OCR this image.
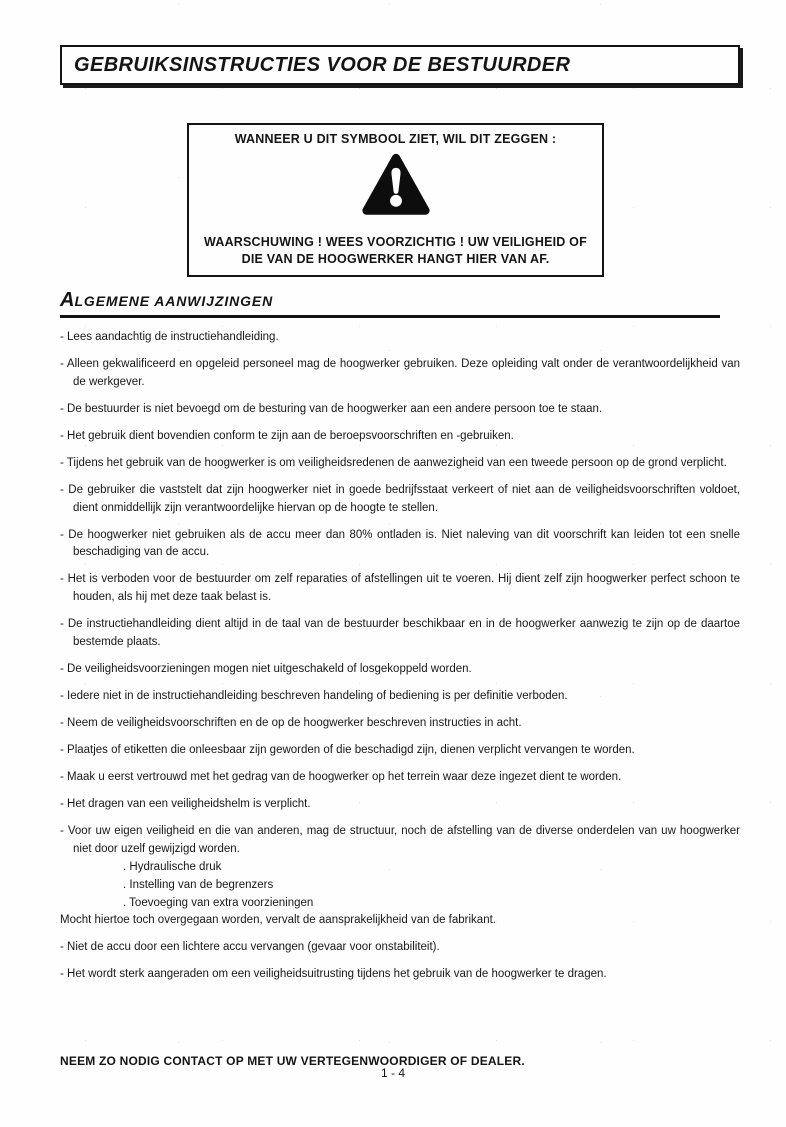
GEBRUIKSINSTRUCTIES VOOR DE BESTUURDER
WANNEER U DIT SYMBOOL ZIET, WIL DIT ZEGGEN :
WAARSCHUWING ! WEES VOORZICHTIG ! UW VEILIGHEID OF
DIE VAN DE HOOGWERKER HANGT HIER VAN AF.
ALGEMENE AANWIJZINGEN

- Lees aandachtig de instructiehandleiding.

- Alleen gekwalificeerd en opgeleid personeel mag de hoogwerker gebruiken. Deze opleiding valt onder de verantwoordelijkheid van de werkgever.

- De bestuurder is niet bevoegd om de besturing van de hoogwerker aan een andere persoon toe te staan.

- Het gebruik dient bovendien conform te zijn aan de beroepsvoorschriften en -gebruiken.

- Tijdens het gebruik van de hoogwerker is om veiligheidsredenen de aanwezigheid van een tweede persoon op de grond verplicht.

- De gebruiker die vaststelt dat zijn hoogwerker niet in goede bedrijfsstaat verkeert of niet aan de veiligheidsvoorschriften voldoet, dient onmiddellijk zijn verantwoordelijke hiervan op de hoogte te stellen.

- De hoogwerker niet gebruiken als de accu meer dan 80% ontladen is. Niet naleving van dit voorschrift kan leiden tot een snelle beschadiging van de accu.

- Het is verboden voor de bestuurder om zelf reparaties of afstellingen uit te voeren. Hij dient zelf zijn hoogwerker perfect schoon te houden, als hij met deze taak belast is.

- De instructiehandleiding dient altijd in de taal van de bestuurder beschikbaar en in de hoogwerker aanwezig te zijn op de daartoe bestemde plaats.

- De veiligheidsvoorzieningen mogen niet uitgeschakeld of losgekoppeld worden.

- Iedere niet in de instructiehandleiding beschreven handeling of bediening is per definitie verboden.

- Neem de veiligheidsvoorschriften en de op de hoogwerker beschreven instructies in acht.

- Plaatjes of etiketten die onleesbaar zijn geworden of die beschadigd zijn, dienen verplicht vervangen te worden.

- Maak u eerst vertrouwd met het gedrag van de hoogwerker op het terrein waar deze ingezet dient te worden.

- Het dragen van een veiligheidshelm is verplicht.

- Voor uw eigen veiligheid en die van anderen, mag de structuur, noch de afstelling van de diverse onderdelen van uw hoogwerker niet door uzelf gewijzigd worden.

. Hydraulische druk

. Instelling van de begrenzers

. Toevoeging van extra voorzieningen

Mocht hiertoe toch overgegaan worden, vervalt de aansprakelijkheid van de fabrikant.

- Niet de accu door een lichtere accu vervangen (gevaar voor onstabiliteit).

- Het wordt sterk aangeraden om een veiligheidsuitrusting tijdens het gebruik van de hoogwerker te dragen.

NEEM ZO NODIG CONTACT OP MET UW VERTEGENWOORDIGER OF DEALER.

1 - 4
